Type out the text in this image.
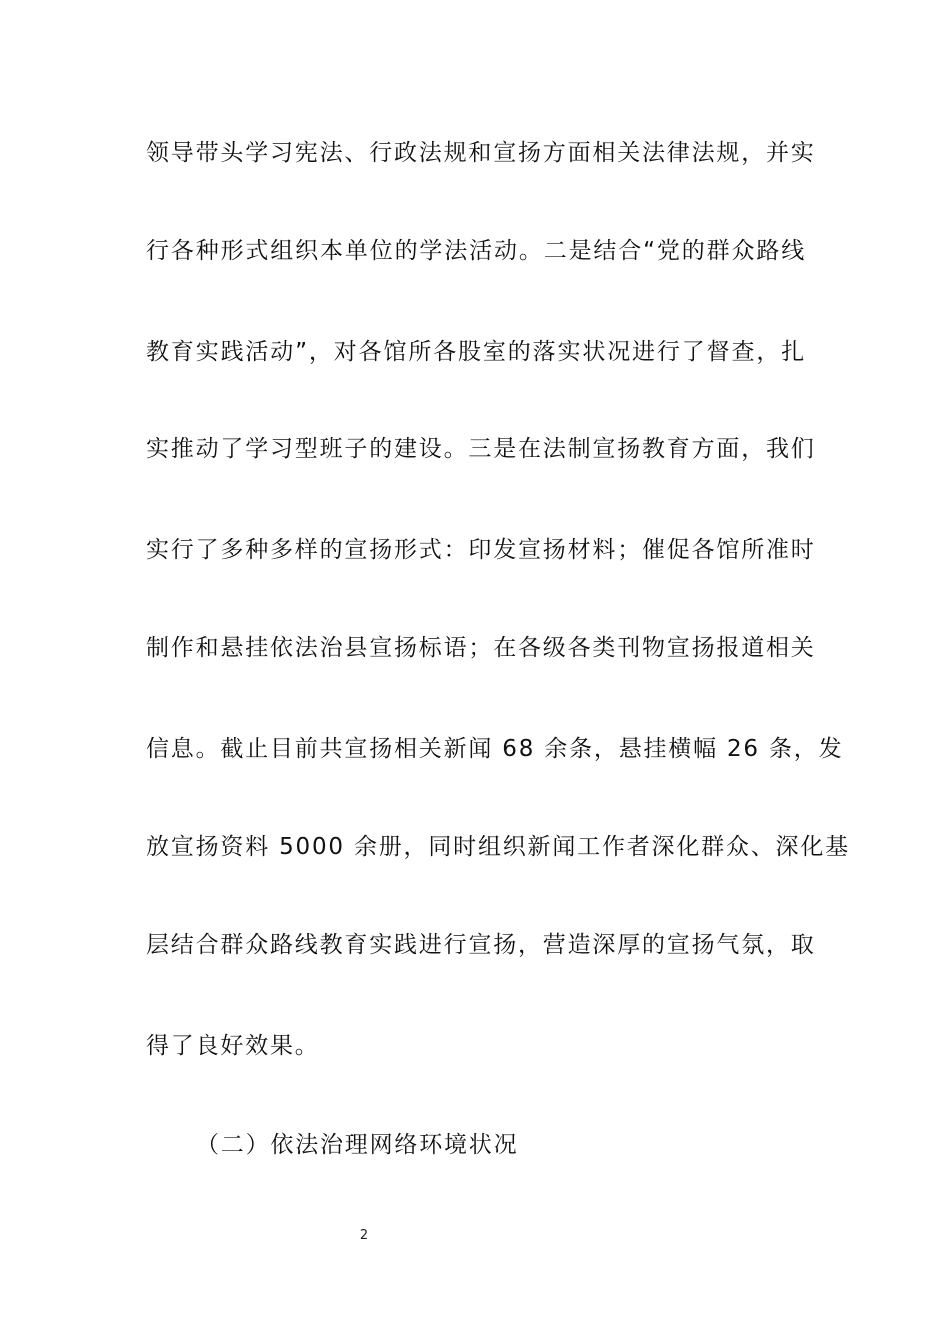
领导带头学习宪法、行政法规和宣扬方面相关法律法规，并实
行各种形式组织本单位的学法活动。二是结合“党的群众路线
教育实践活动”，对各馆所各股室的落实状况进行了督查，扎
实推动了学习型班子的建设。三是在法制宣扬教育方面，我们
实行了多种多样的宣扬形式：印发宣扬材料；催促各馆所准时
制作和悬挂依法治县宣扬标语；在各级各类刊物宣扬报道相关
信息。截止目前共宣扬相关新闻 68 余条，悬挂横幅 26 条，发
放宣扬资料 5000 余册，同时组织新闻工作者深化群众、深化基
层结合群众路线教育实践进行宣扬，营造深厚的宣扬气氛，取
得了良好效果。
（二）依法治理网络环境状况
2
